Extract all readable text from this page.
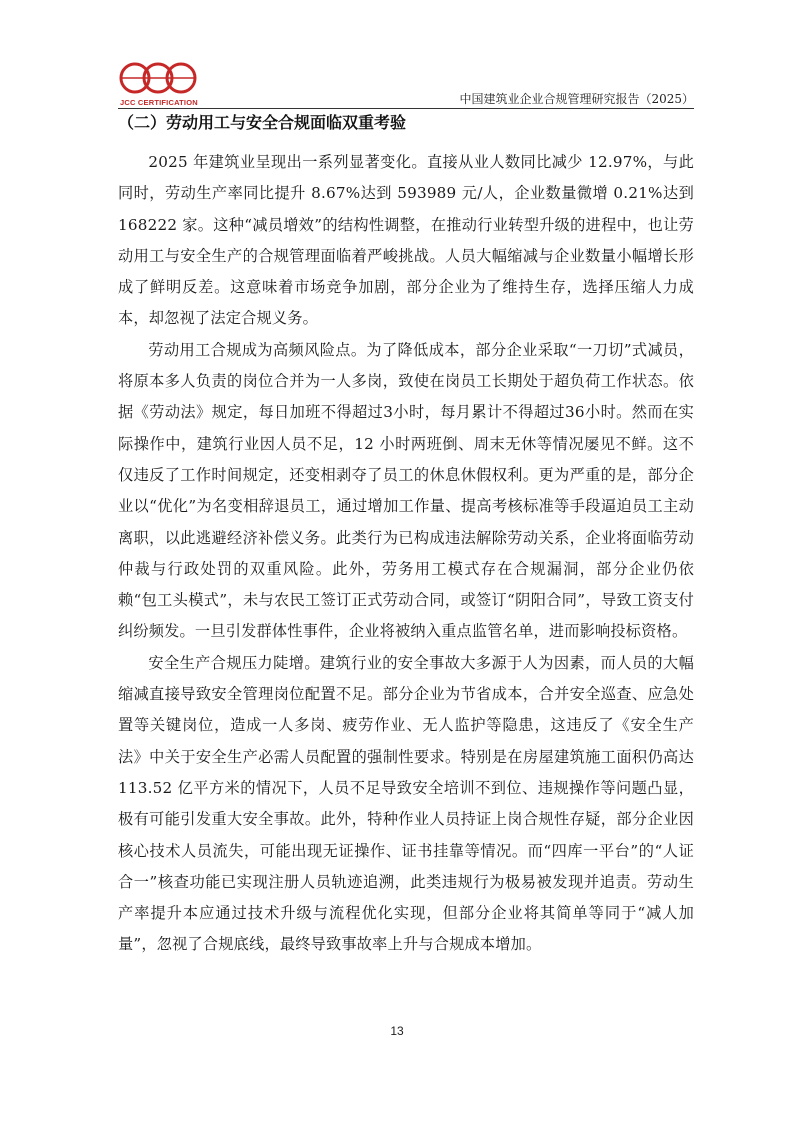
JCC CERTIFICATION	中国建筑业企业合规管理研究报告（2025）
（二）劳动用工与安全合规面临双重考验

2025 年建筑业呈现出一系列显著变化。直接从业人数同比减少 12.97%，与此同时，劳动生产率同比提升 8.67%达到 593989 元/人，企业数量微增 0.21%达到 168222 家。这种“减员增效”的结构性调整，在推动行业转型升级的进程中，也让劳动用工与安全生产的合规管理面临着严峻挑战。人员大幅缩减与企业数量小幅增长形成了鲜明反差。这意味着市场竞争加剧，部分企业为了维持生存，选择压缩人力成本，却忽视了法定合规义务。

劳动用工合规成为高频风险点。为了降低成本，部分企业采取“一刀切”式减员，将原本多人负责的岗位合并为一人多岗，致使在岗员工长期处于超负荷工作状态。依据《劳动法》规定，每日加班不得超过3小时，每月累计不得超过36小时。然而在实际操作中，建筑行业因人员不足，12 小时两班倒、周末无休等情况屡见不鲜。这不仅违反了工作时间规定，还变相剥夺了员工的休息休假权利。更为严重的是，部分企业以“优化”为名变相辞退员工，通过增加工作量、提高考核标准等手段逼迫员工主动离职，以此逃避经济补偿义务。此类行为已构成违法解除劳动关系，企业将面临劳动仲裁与行政处罚的双重风险。此外，劳务用工模式存在合规漏洞，部分企业仍依赖“包工头模式”，未与农民工签订正式劳动合同，或签订“阴阳合同”，导致工资支付纠纷频发。一旦引发群体性事件，企业将被纳入重点监管名单，进而影响投标资格。

安全生产合规压力陡增。建筑行业的安全事故大多源于人为因素，而人员的大幅缩减直接导致安全管理岗位配置不足。部分企业为节省成本，合并安全巡查、应急处置等关键岗位，造成一人多岗、疲劳作业、无人监护等隐患，这违反了《安全生产法》中关于安全生产必需人员配置的强制性要求。特别是在房屋建筑施工面积仍高达 113.52 亿平方米的情况下，人员不足导致安全培训不到位、违规操作等问题凸显，极有可能引发重大安全事故。此外，特种作业人员持证上岗合规性存疑，部分企业因核心技术人员流失，可能出现无证操作、证书挂靠等情况。而“四库一平台”的“人证合一”核查功能已实现注册人员轨迹追溯，此类违规行为极易被发现并追责。劳动生产率提升本应通过技术升级与流程优化实现，但部分企业将其简单等同于“减人加量”，忽视了合规底线，最终导致事故率上升与合规成本增加。

13
